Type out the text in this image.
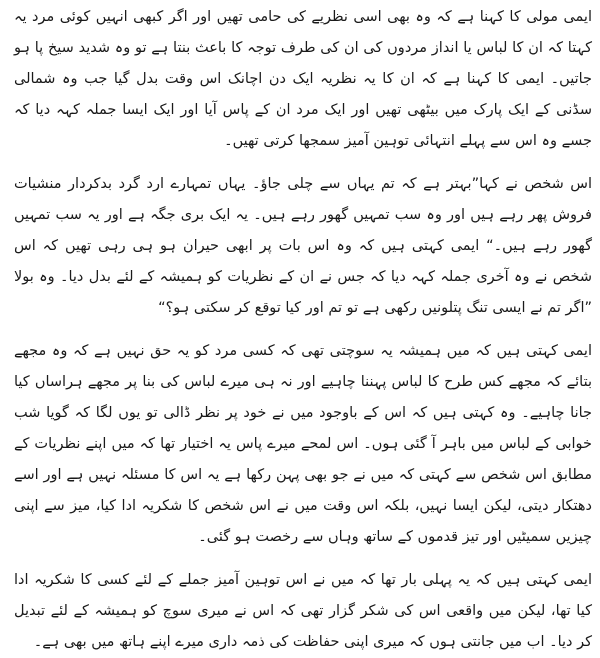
ایمی مولی کا کہنا ہے کہ وہ بھی اسی نظریے کی حامی تھیں اور اگر کبھی انہیں کوئی مرد یہ کہتا کہ ان کا لباس یا انداز مردوں کی ان کی طرف توجہ کا باعث بنتا ہے تو وہ شدید سیخ پا ہو جاتیں۔ ایمی کا کہنا ہے کہ ان کا یہ نظریہ ایک دن اچانک اس وقت بدل گیا جب وہ شمالی سڈنی کے ایک پارک میں بیٹھی تھیں اور ایک مرد ان کے پاس آیا اور ایک ایسا جملہ کہہ دیا کہ جسے وہ اس سے پہلے انتہائی توہین آمیز سمجھا کرتی تھیں۔

اس شخص نے کہا”بہتر ہے کہ تم یہاں سے چلی جاؤ۔ یہاں تمہارے ارد گرد بدکردار منشیات فروش پھر رہے ہیں اور وہ سب تمہیں گھور رہے ہیں۔ یہ ایک بری جگہ ہے اور یہ سب تمہیں گھور رہے ہیں۔“ ایمی کہتی ہیں کہ وہ اس بات پر ابھی حیران ہو ہی رہی تھیں کہ اس شخص نے وہ آخری جملہ کہہ دیا کہ جس نے ان کے نظریات کو ہمیشہ کے لئے بدل دیا۔ وہ بولا ”اگر تم نے ایسی تنگ پتلونیں رکھی ہے تو تم اور کیا توقع کر سکتی ہو؟“

ایمی کہتی ہیں کہ میں ہمیشہ یہ سوچتی تھی کہ کسی مرد کو یہ حق نہیں ہے کہ وہ مجھے بتائے کہ مجھے کس طرح کا لباس پہننا چاہیے اور نہ ہی میرے لباس کی بنا پر مجھے ہراساں کیا جانا چاہیے۔ وہ کہتی ہیں کہ اس کے باوجود میں نے خود پر نظر ڈالی تو یوں لگا کہ گویا شب خوابی کے لباس میں باہر آ گئی ہوں۔ اس لمحے میرے پاس یہ اختیار تھا کہ میں اپنے نظریات کے مطابق اس شخص سے کہتی کہ میں نے جو بھی پہن رکھا ہے یہ اس کا مسئلہ نہیں ہے اور اسے دھتکار دیتی، لیکن ایسا نہیں، بلکہ اس وقت میں نے اس شخص کا شکریہ ادا کیا، میز سے اپنی چیزیں سمیٹیں اور تیز قدموں کے ساتھ وہاں سے رخصت ہو گئی۔

ایمی کہتی ہیں کہ یہ پہلی بار تھا کہ میں نے اس توہین آمیز جملے کے لئے کسی کا شکریہ ادا کیا تھا، لیکن میں واقعی اس کی شکر گزار تھی کہ اس نے میری سوچ کو ہمیشہ کے لئے تبدیل کر دیا۔ اب میں جانتی ہوں کہ میری اپنی حفاظت کی ذمہ داری میرے اپنے ہاتھ میں بھی ہے۔
